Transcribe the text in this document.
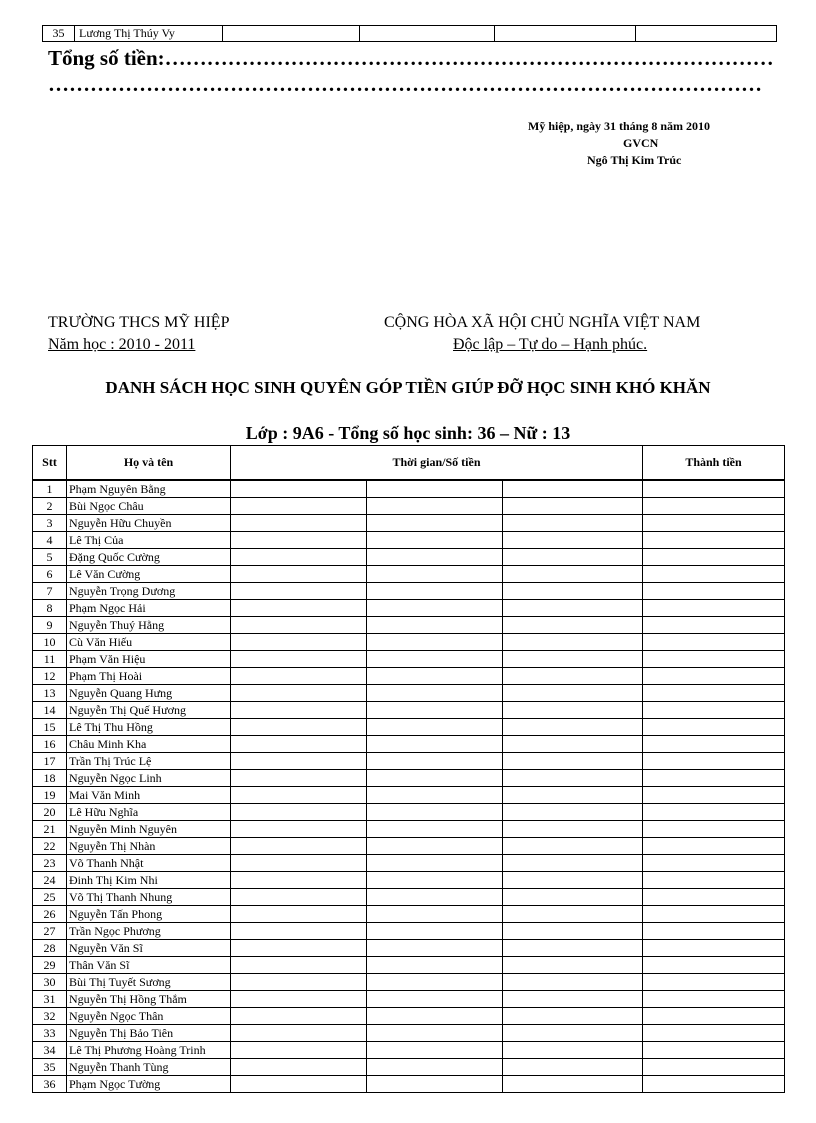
35	Lương Thị Thúy Vy				
Tổng số tiền:……………………………………………………………………………
…………………………………………………………………………………………
Mỹ hiệp, ngày 31 tháng 8 năm 2010
GVCN
Ngô Thị Kim Trúc
TRƯỜNG THCS MỸ HIỆP
Năm học : 2010 - 2011
CỘNG HÒA XÃ HỘI CHỦ NGHĨA VIỆT NAM
Độc lập – Tự do – Hạnh phúc.
DANH SÁCH HỌC SINH QUYÊN GÓP TIỀN GIÚP ĐỠ HỌC SINH KHÓ KHĂN
Lớp : 9A6 - Tổng số học sinh: 36 – Nữ : 13
Stt	Họ và tên	Thời gian/Số tiền			Thành tiền
1	Phạm Nguyên Bằng				
2	Bùi Ngọc Châu				
3	Nguyễn Hữu Chuyền				
4	Lê Thị Của				
5	Đặng Quốc Cường				
6	Lê Văn Cường				
7	Nguyễn Trọng Dương				
8	Phạm Ngọc Hải				
9	Nguyễn Thuý Hằng				
10	Cù Văn Hiếu				
11	Phạm Văn Hiệu				
12	Phạm Thị Hoài				
13	Nguyễn Quang Hưng				
14	Nguyễn Thị Quế Hương				
15	Lê Thị Thu Hồng				
16	Châu Minh Kha				
17	Trần Thị Trúc Lệ				
18	Nguyễn Ngọc Linh				
19	Mai Văn Minh				
20	Lê Hữu Nghĩa				
21	Nguyễn Minh Nguyên				
22	Nguyễn Thị Nhàn				
23	Võ Thanh Nhật				
24	Đinh Thị Kim Nhi				
25	Võ Thị Thanh Nhung				
26	Nguyễn Tấn Phong				
27	Trần Ngọc Phương				
28	Nguyễn Văn Sĩ				
29	Thân Văn Sĩ				
30	Bùi Thị Tuyết Sương				
31	Nguyễn Thị Hồng Thắm				
32	Nguyễn Ngọc Thân				
33	Nguyễn Thị Bảo Tiên				
34	Lê Thị Phương Hoàng Trinh				
35	Nguyễn Thanh Tùng				
36	Phạm Ngọc Tường				
